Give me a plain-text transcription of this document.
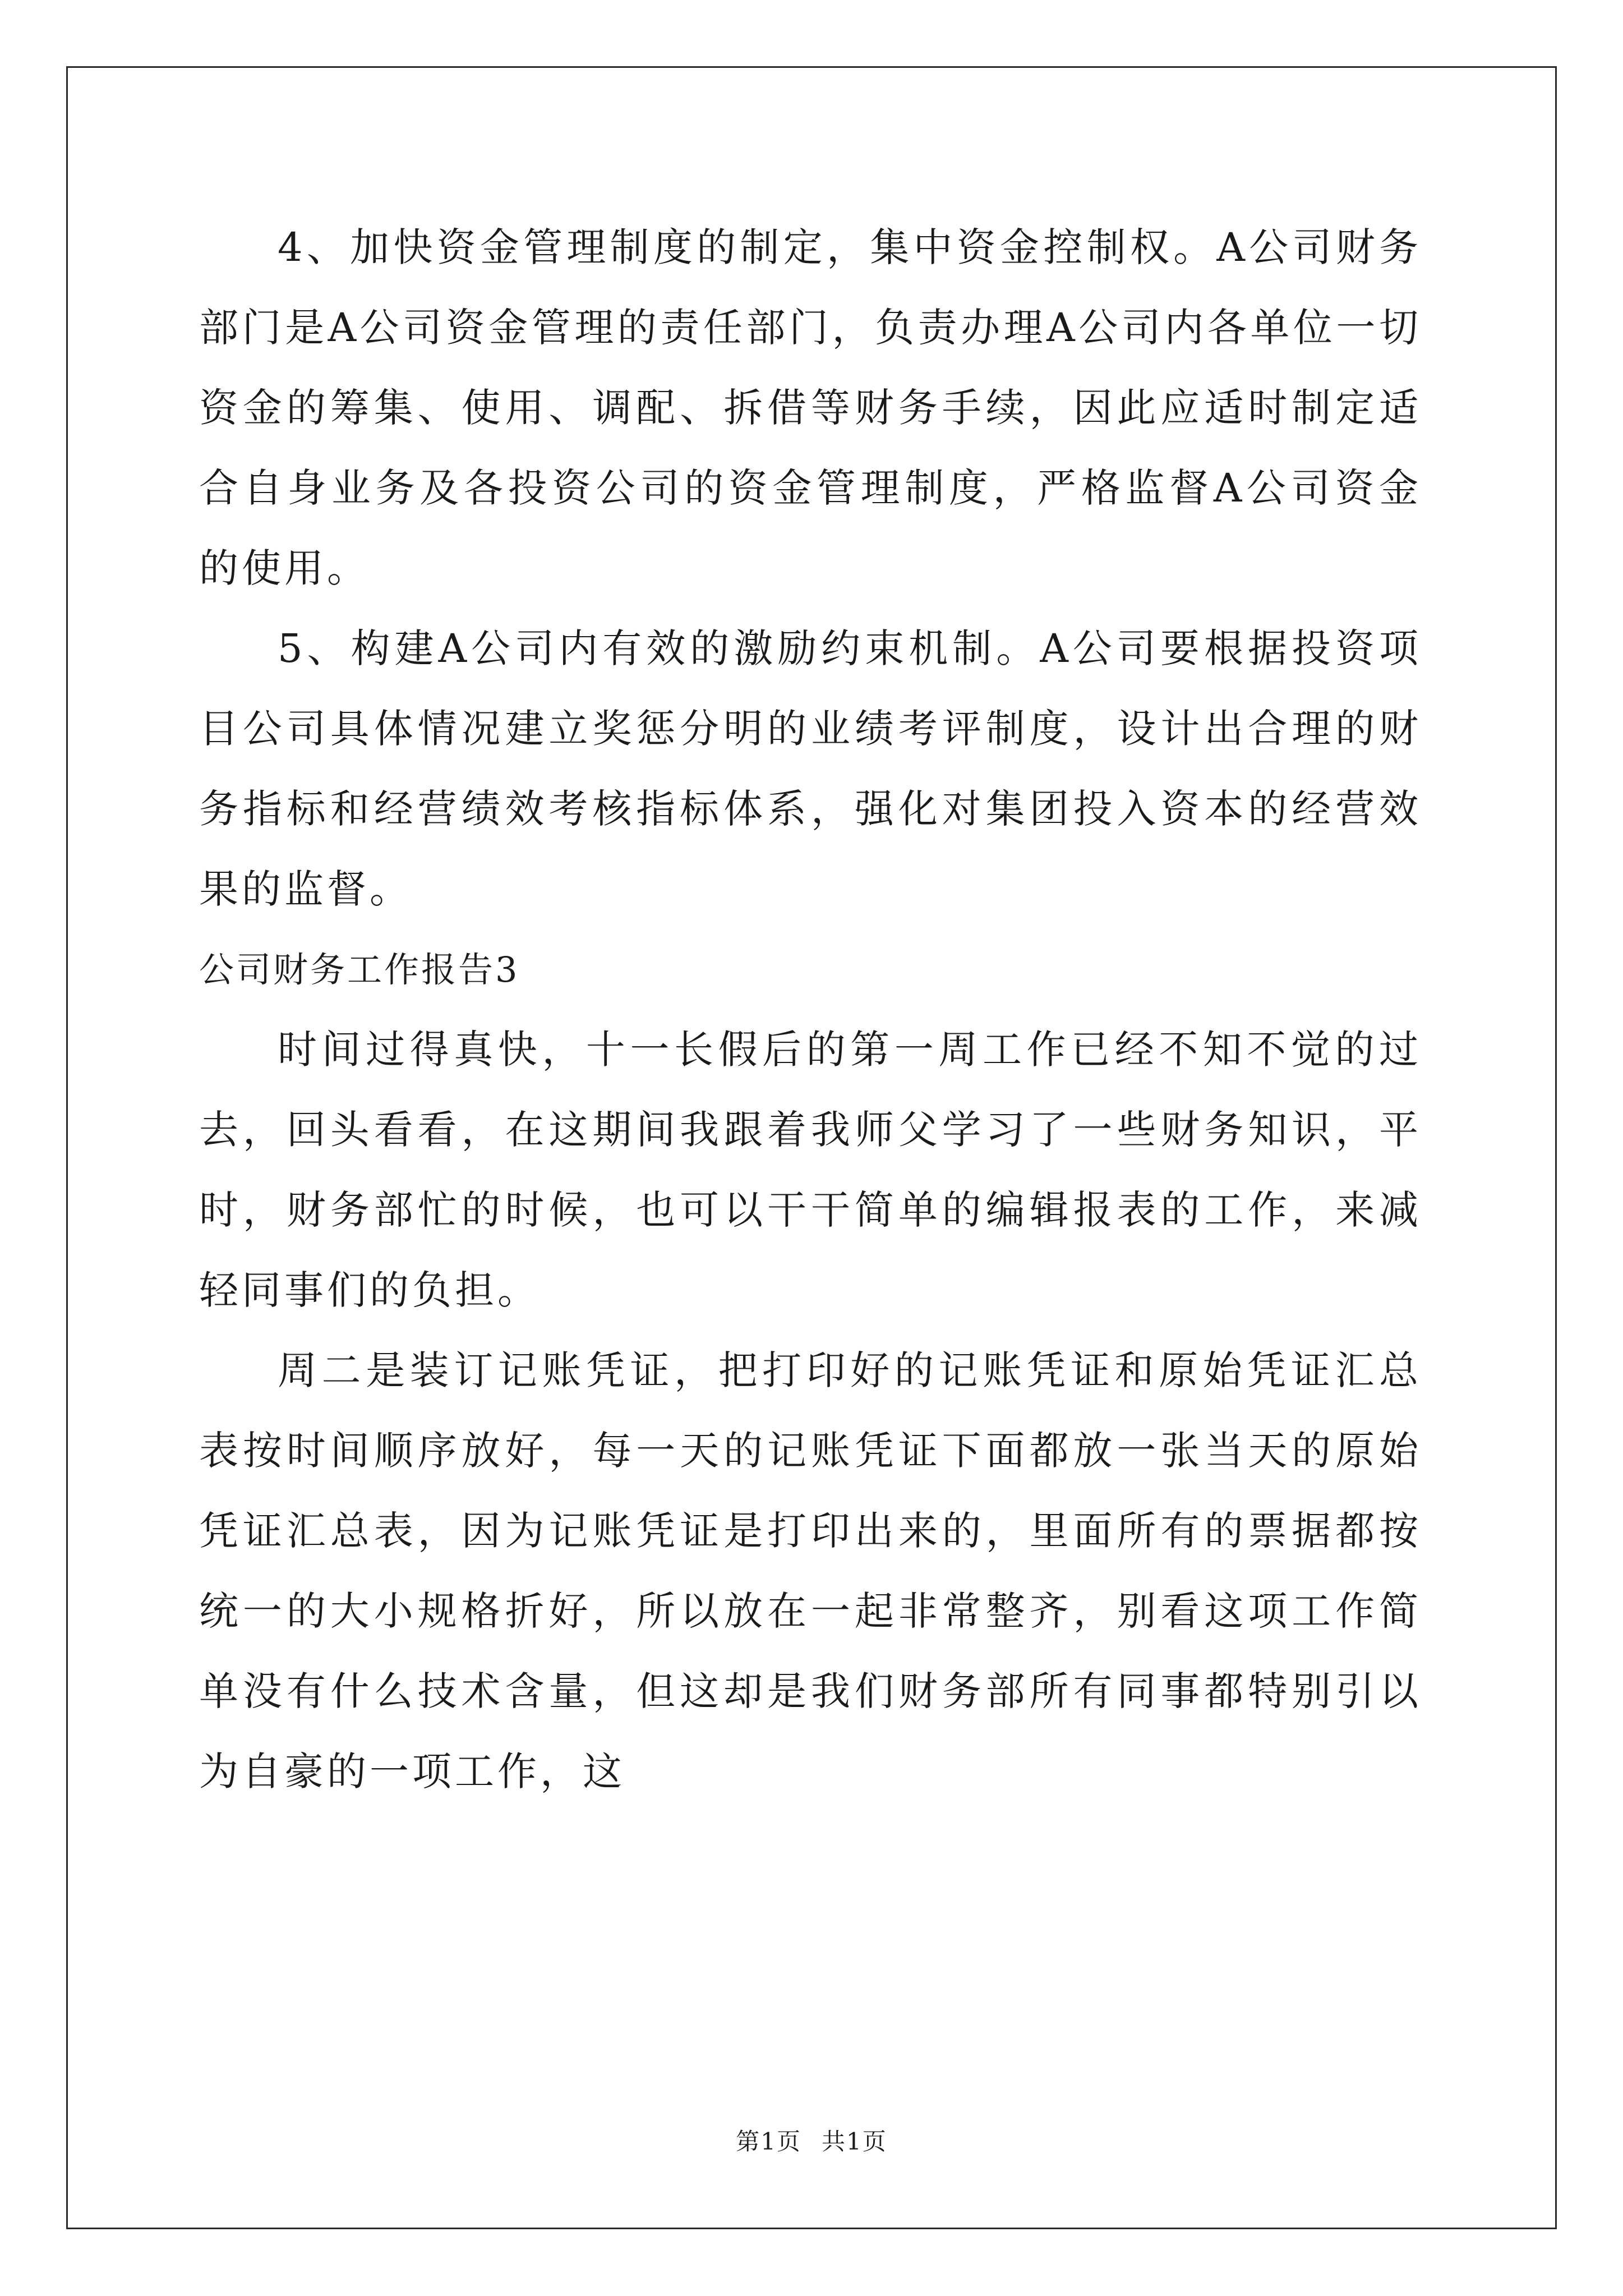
4、加快资金管理制度的制定，集中资金控制权。A公司财务部门是A公司资金管理的责任部门，负责办理A公司内各单位一切资金的筹集、使用、调配、拆借等财务手续，因此应适时制定适合自身业务及各投资公司的资金管理制度，严格监督A公司资金的使用。

5、构建A公司内有效的激励约束机制。A公司要根据投资项目公司具体情况建立奖惩分明的业绩考评制度，设计出合理的财务指标和经营绩效考核指标体系，强化对集团投入资本的经营效果的监督。

公司财务工作报告3

时间过得真快，十一长假后的第一周工作已经不知不觉的过去，回头看看，在这期间我跟着我师父学习了一些财务知识，平时，财务部忙的时候，也可以干干简单的编辑报表的工作，来减轻同事们的负担。

周二是装订记账凭证，把打印好的记账凭证和原始凭证汇总表按时间顺序放好，每一天的记账凭证下面都放一张当天的原始凭证汇总表，因为记账凭证是打印出来的，里面所有的票据都按统一的大小规格折好，所以放在一起非常整齐，别看这项工作简单没有什么技术含量，但这却是我们财务部所有同事都特别引以为自豪的一项工作，这

第1页 共1页
